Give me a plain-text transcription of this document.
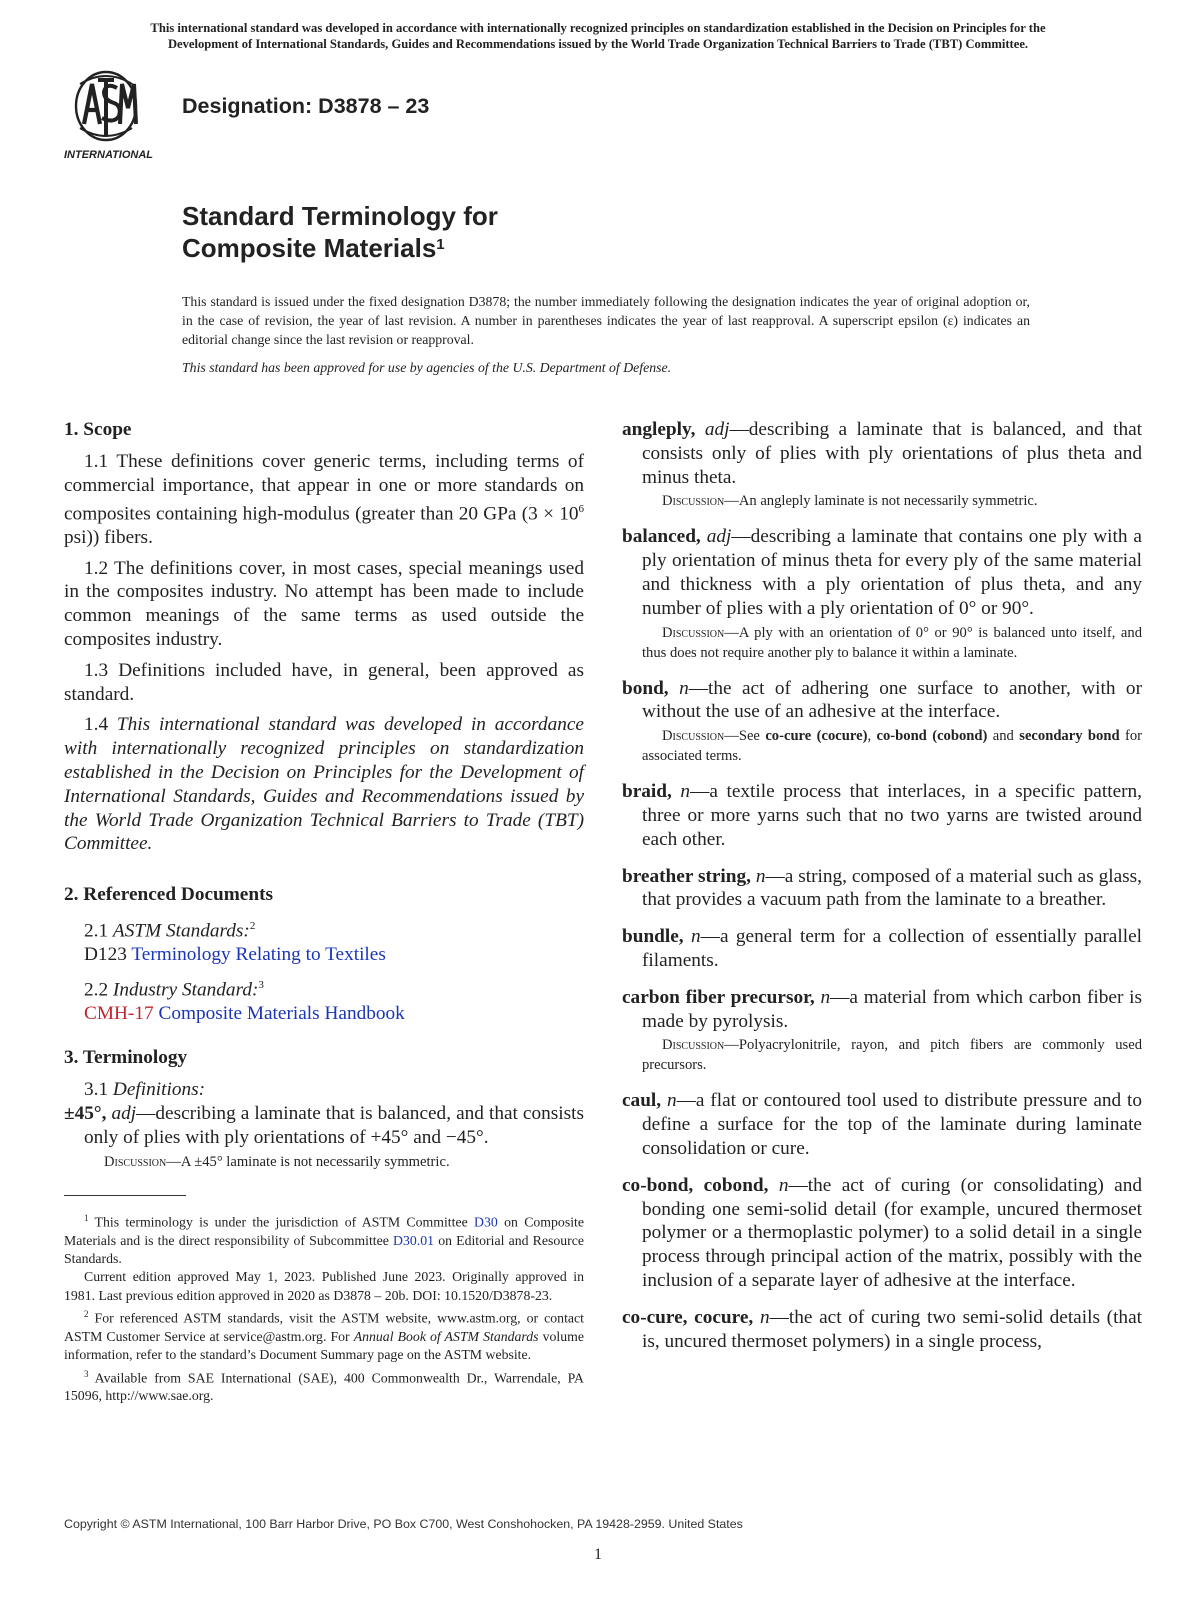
This international standard was developed in accordance with internationally recognized principles on standardization established in the Decision on Principles for the
Development of International Standards, Guides and Recommendations issued by the World Trade Organization Technical Barriers to Trade (TBT) Committee.
INTERNATIONAL
Designation: D3878 – 23
Standard Terminology for
Composite Materials$^1$
This standard is issued under the fixed designation D3878; the number immediately following the designation indicates the year of original adoption or, in the case of revision, the year of last revision. A number in parentheses indicates the year of last reapproval. A superscript epsilon (ε) indicates an editorial change since the last revision or reapproval.
This standard has been approved for use by agencies of the U.S. Department of Defense.
1. Scope

1.1 These definitions cover generic terms, including terms of commercial importance, that appear in one or more standards on composites containing high-modulus (greater than 20 GPa ($3 \times 10^6$ psi)) fibers.

1.2 The definitions cover, in most cases, special meanings used in the composites industry. No attempt has been made to include common meanings of the same terms as used outside the composites industry.

1.3 Definitions included have, in general, been approved as standard.

1.4 This international standard was developed in accordance with internationally recognized principles on standardization established in the Decision on Principles for the Development of International Standards, Guides and Recommendations issued by the World Trade Organization Technical Barriers to Trade (TBT) Committee.

2. Referenced Documents

2.1 ASTM Standards:$^2$

D123 Terminology Relating to Textiles

2.2 Industry Standard:$^3$

CMH-17 Composite Materials Handbook

3. Terminology

3.1 Definitions:

±45°, adj—describing a laminate that is balanced, and that consists only of plies with ply orientations of +45° and −45°.

Discussion—A ±45° laminate is not necessarily symmetric.

$^1$ This terminology is under the jurisdiction of ASTM Committee D30 on Composite Materials and is the direct responsibility of Subcommittee D30.01 on Editorial and Resource Standards.

Current edition approved May 1, 2023. Published June 2023. Originally approved in 1981. Last previous edition approved in 2020 as D3878 – 20b. DOI: 10.1520/D3878-23.

$^2$ For referenced ASTM standards, visit the ASTM website, www.astm.org, or contact ASTM Customer Service at service@astm.org. For Annual Book of ASTM Standards volume information, refer to the standard’s Document Summary page on the ASTM website.

$^3$ Available from SAE International (SAE), 400 Commonwealth Dr., Warrendale, PA 15096, http://www.sae.org.

angleply, adj—describing a laminate that is balanced, and that consists only of plies with ply orientations of plus theta and minus theta.

Discussion—An angleply laminate is not necessarily symmetric.

balanced, adj—describing a laminate that contains one ply with a ply orientation of minus theta for every ply of the same material and thickness with a ply orientation of plus theta, and any number of plies with a ply orientation of 0° or 90°.

Discussion—A ply with an orientation of 0° or 90° is balanced unto itself, and thus does not require another ply to balance it within a laminate.

bond, n—the act of adhering one surface to another, with or without the use of an adhesive at the interface.

Discussion—See co-cure (cocure), co-bond (cobond) and secondary bond for associated terms.

braid, n—a textile process that interlaces, in a specific pattern, three or more yarns such that no two yarns are twisted around each other.

breather string, n—a string, composed of a material such as glass, that provides a vacuum path from the laminate to a breather.

bundle, n—a general term for a collection of essentially parallel filaments.

carbon fiber precursor, n—a material from which carbon fiber is made by pyrolysis.

Discussion—Polyacrylonitrile, rayon, and pitch fibers are commonly used precursors.

caul, n—a flat or contoured tool used to distribute pressure and to define a surface for the top of the laminate during laminate consolidation or cure.

co-bond, cobond, n—the act of curing (or consolidating) and bonding one semi-solid detail (for example, uncured thermoset polymer or a thermoplastic polymer) to a solid detail in a single process through principal action of the matrix, possibly with the inclusion of a separate layer of adhesive at the interface.

co-cure, cocure, n—the act of curing two semi-solid details (that is, uncured thermoset polymers) in a single process,

Copyright © ASTM International, 100 Barr Harbor Drive, PO Box C700, West Conshohocken, PA 19428-2959. United States
1
